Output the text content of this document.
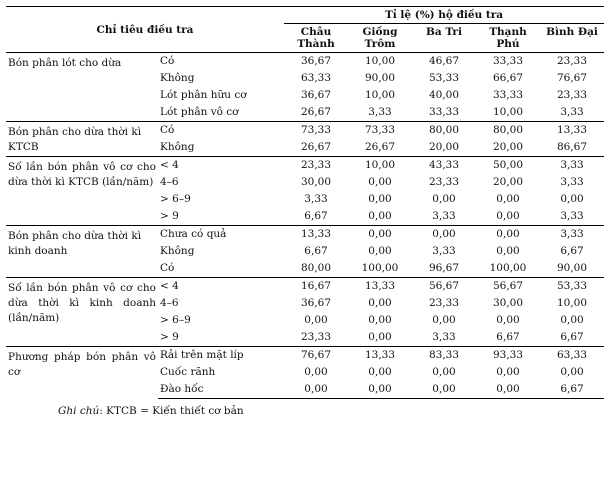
Chỉ tiêu điều tra		Tỉ lệ (%) hộ điều tra				
		Châu Thành	Giồng Trôm	Ba Tri	Thạnh Phú	Bình Đại
Bón phân lót cho dừa	Có	36,67	10,00	46,67	33,33	23,33
	Không	63,33	90,00	53,33	66,67	76,67
	Lót phân hữu cơ	36,67	10,00	40,00	33,33	23,33
	Lót phân vô cơ	26,67	3,33	33,33	10,00	3,33
Bón phân cho dừa thời kì KTCB	Có	73,33	73,33	80,00	80,00	13,33
	Không	26,67	26,67	20,00	20,00	86,67
Số lần bón phân vô cơ cho dừa thời kì KTCB (lần/năm)	< 4	23,33	10,00	43,33	50,00	3,33
	4–6	30,00	0,00	23,33	20,00	3,33
	> 6–9	3,33	0,00	0,00	0,00	0,00
	> 9	6,67	0,00	3,33	0,00	3,33
Bón phân cho dừa thời kì kinh doanh	Chưa có quả	13,33	0,00	0,00	0,00	3,33
	Không	6,67	0,00	3,33	0,00	6,67
	Có	80,00	100,00	96,67	100,00	90,00
Số lần bón phân vô cơ cho dừa thời kì kinh doanh (lần/năm)	< 4	16,67	13,33	56,67	56,67	53,33
	4–6	36,67	0,00	23,33	30,00	10,00
	> 6–9	0,00	0,00	0,00	0,00	0,00
	> 9	23,33	0,00	3,33	6,67	6,67
Phương pháp bón phân vô cơ	Rải trên mặt líp	76,67	13,33	83,33	93,33	63,33
	Cuốc rãnh	0,00	0,00	0,00	0,00	0,00
	Đào hốc	0,00	0,00	0,00	0,00	6,67
Ghi chú: KTCB = Kiến thiết cơ bản
